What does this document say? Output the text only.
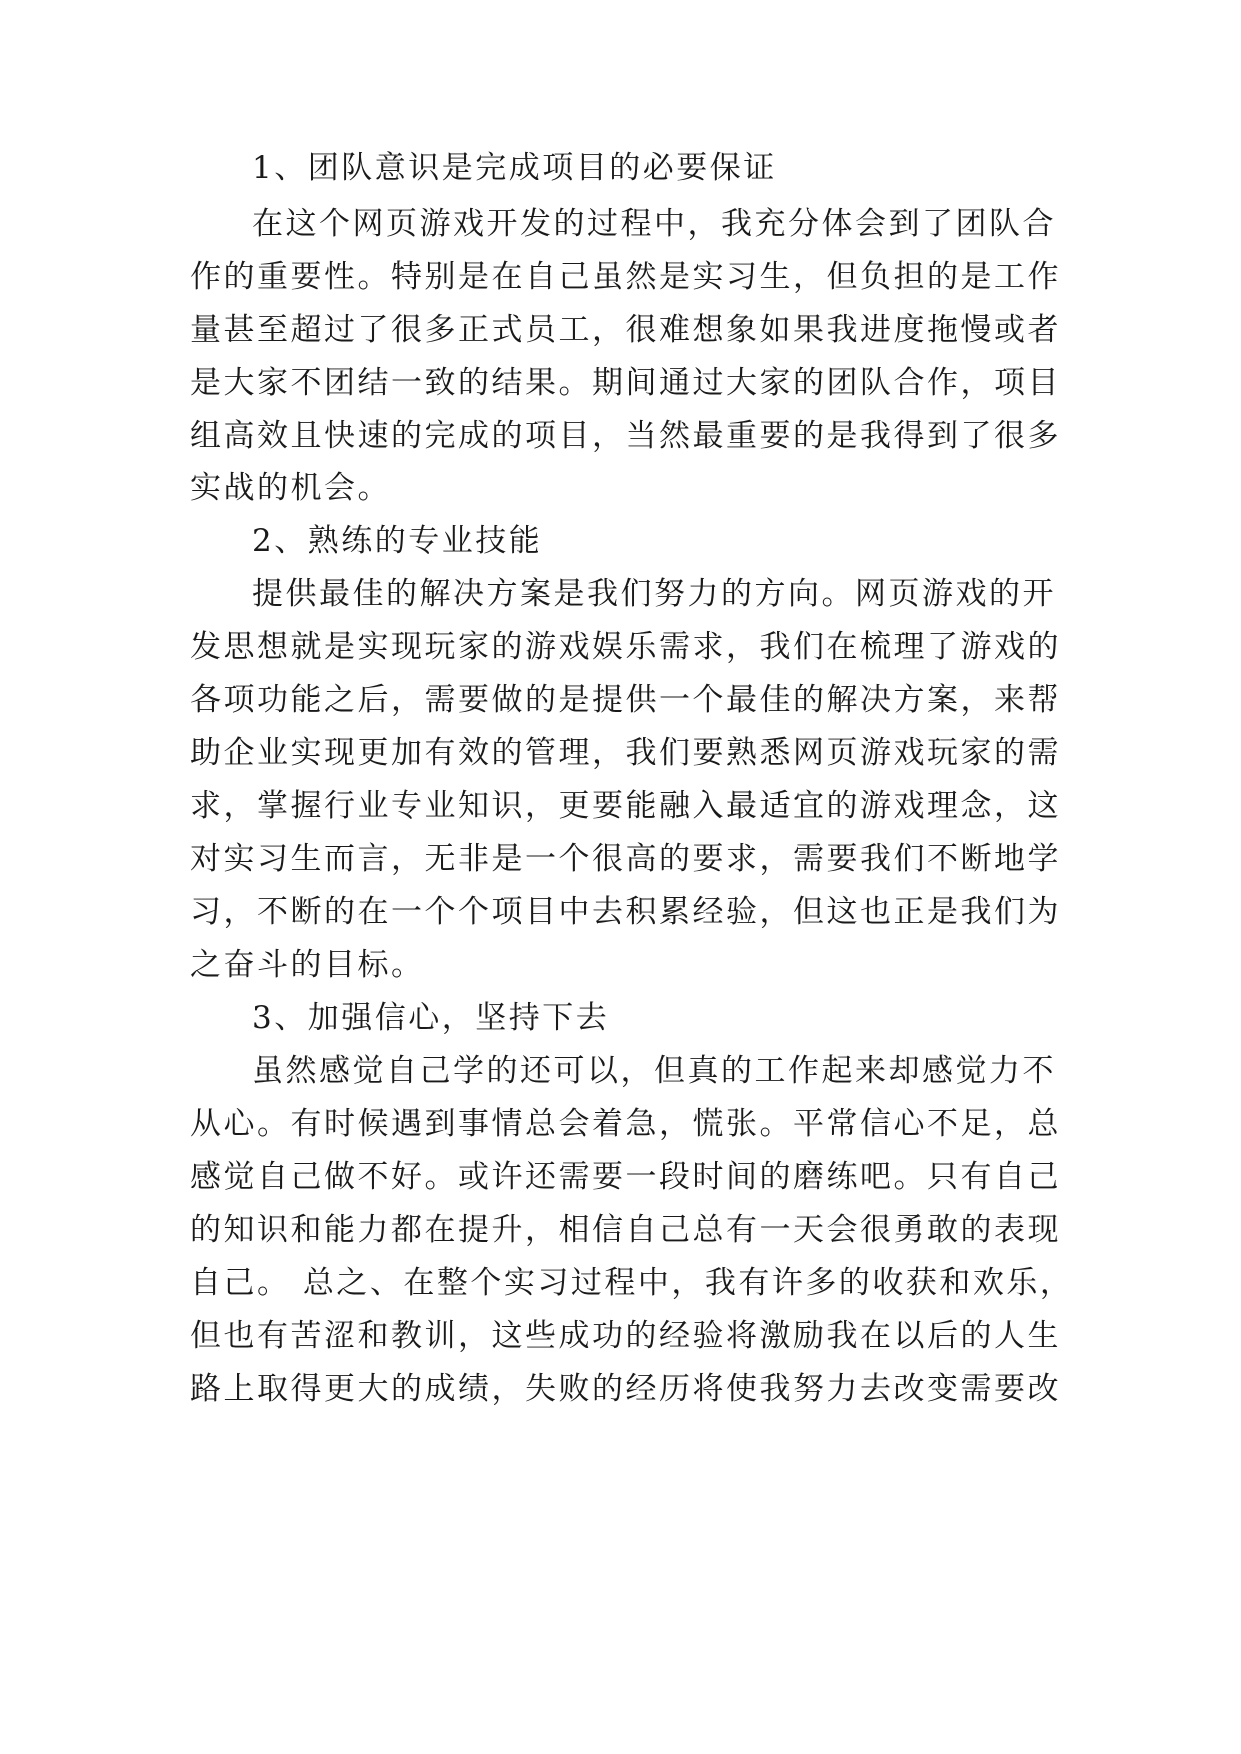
1、团队意识是完成项目的必要保证
在这个网页游戏开发的过程中，我充分体会到了团队合
作的重要性。特别是在自己虽然是实习生，但负担的是工作
量甚至超过了很多正式员工，很难想象如果我进度拖慢或者
是大家不团结一致的结果。期间通过大家的团队合作，项目
组高效且快速的完成的项目，当然最重要的是我得到了很多
实战的机会。
2、熟练的专业技能
提供最佳的解决方案是我们努力的方向。网页游戏的开
发思想就是实现玩家的游戏娱乐需求，我们在梳理了游戏的
各项功能之后，需要做的是提供一个最佳的解决方案，来帮
助企业实现更加有效的管理，我们要熟悉网页游戏玩家的需
求，掌握行业专业知识，更要能融入最适宜的游戏理念，这
对实习生而言，无非是一个很高的要求，需要我们不断地学
习，不断的在一个个项目中去积累经验，但这也正是我们为
之奋斗的目标。
3、加强信心，坚持下去
虽然感觉自己学的还可以，但真的工作起来却感觉力不
从心。有时候遇到事情总会着急，慌张。平常信心不足，总
感觉自己做不好。或许还需要一段时间的磨练吧。只有自己
的知识和能力都在提升，相信自己总有一天会很勇敢的表现
自己。 总之、在整个实习过程中，我有许多的收获和欢乐，
但也有苦涩和教训，这些成功的经验将激励我在以后的人生
路上取得更大的成绩，失败的经历将使我努力去改变需要改
